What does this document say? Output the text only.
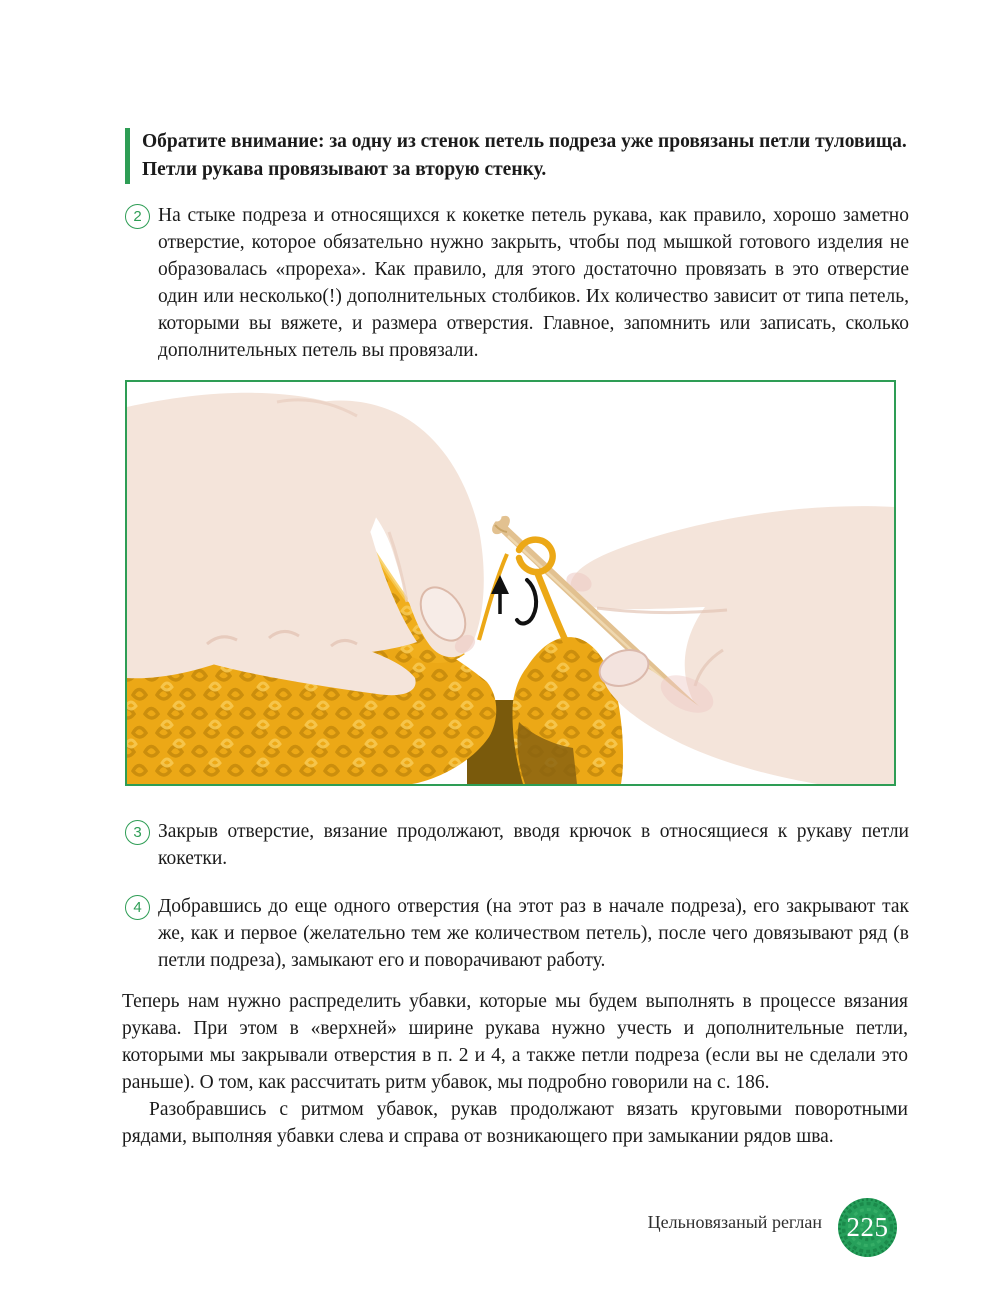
Обратите внимание: за одну из стенок петель подреза уже провязаны петли туловища. Петли рукава провязывают за вторую стенку.
2 На стыке подреза и относящихся к кокетке петель рукава, как правило, хорошо заметно отверстие, которое обязательно нужно закрыть, чтобы под мышкой готового изделия не образовалась «прореха». Как правило, для этого достаточно провязать в это отверстие один или несколько(!) дополнительных столбиков. Их количество зависит от типа петель, которыми вы вяжете, и размера отверстия. Главное, запомнить или записать, сколько дополнительных петель вы провязали.
3 Закрыв отверстие, вязание продолжают, вводя крючок в относящиеся к рукаву петли кокетки.
4 Добравшись до еще одного отверстия (на этот раз в начале подреза), его закрывают так же, как и первое (желательно тем же количеством петель), после чего довязывают ряд (в петли подреза), замыкают его и поворачивают работу.

Теперь нам нужно распределить убавки, которые мы будем выполнять в процессе вязания рукава. При этом в «верхней» ширине рукава нужно учесть и дополнительные петли, которыми мы закрывали отверстия в п. 2 и 4, а также петли подреза (если вы не сделали это раньше). О том, как рассчитать ритм убавок, мы подробно говорили на с. 186.

Разобравшись с ритмом убавок, рукав продолжают вязать круговыми поворотными рядами, выполняя убавки слева и справа от возникающего при замыкании рядов шва.

Цельновязаный реглан 225
